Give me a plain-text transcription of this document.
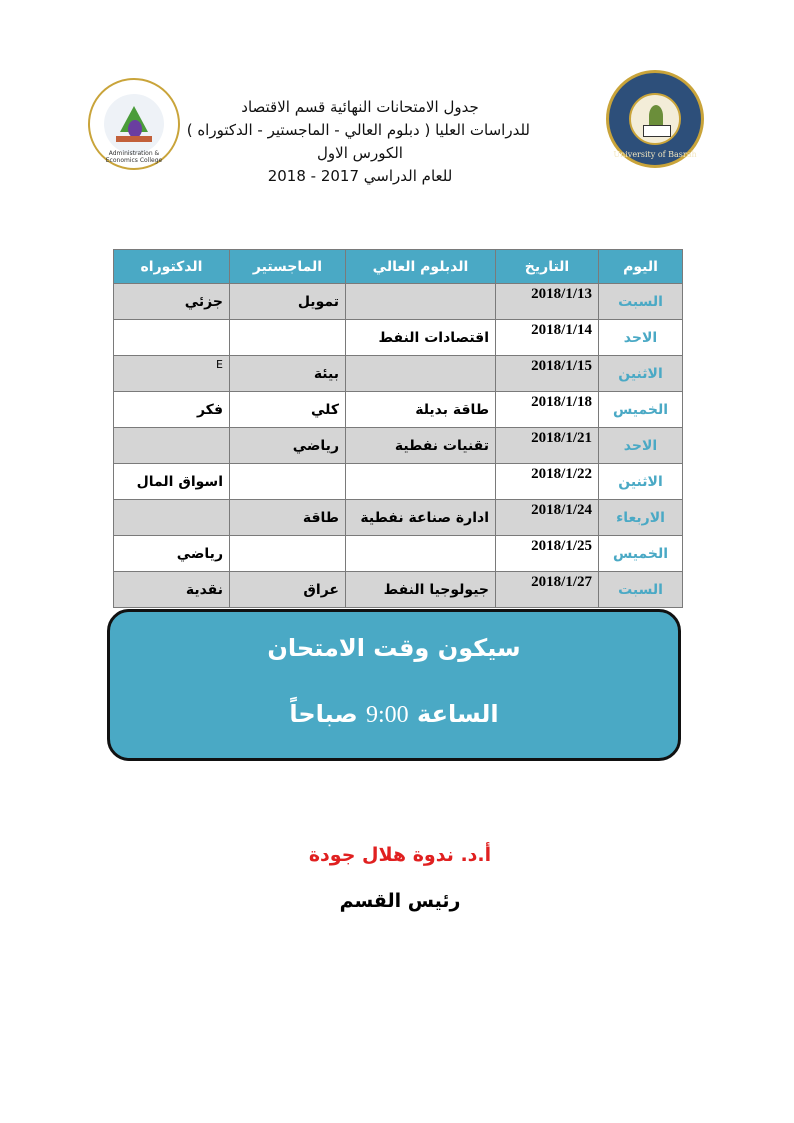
University of Basrah
Administration & Economics College
جدول الامتحانات النهائية قسم الاقتصاد
للدراسات العليا ( دبلوم العالي - الماجستير - الدكتوراه )
الكورس الاول
للعام الدراسي 2017 - 2018
اليوم	التاريخ	الدبلوم العالي	الماجستير	الدكتوراه
السبت	2018/1/13		تمويل	جزئي
الاحد	2018/1/14	اقتصادات النفط		
الاثنين	2018/1/15		بيئة	E
الخميس	2018/1/18	طاقة بديلة	كلي	فكر
الاحد	2018/1/21	تقنيات نفطية	رياضي	
الاثنين	2018/1/22			اسواق المال
الاربعاء	2018/1/24	ادارة صناعة نفطية	طاقة	
الخميس	2018/1/25			رياضي
السبت	2018/1/27	جيولوجيا النفط	عراق	نقدية
سيكون وقت الامتحان
الساعة 9:00 صباحاً
أ.د. ندوة هلال جودة
رئيس القسم
